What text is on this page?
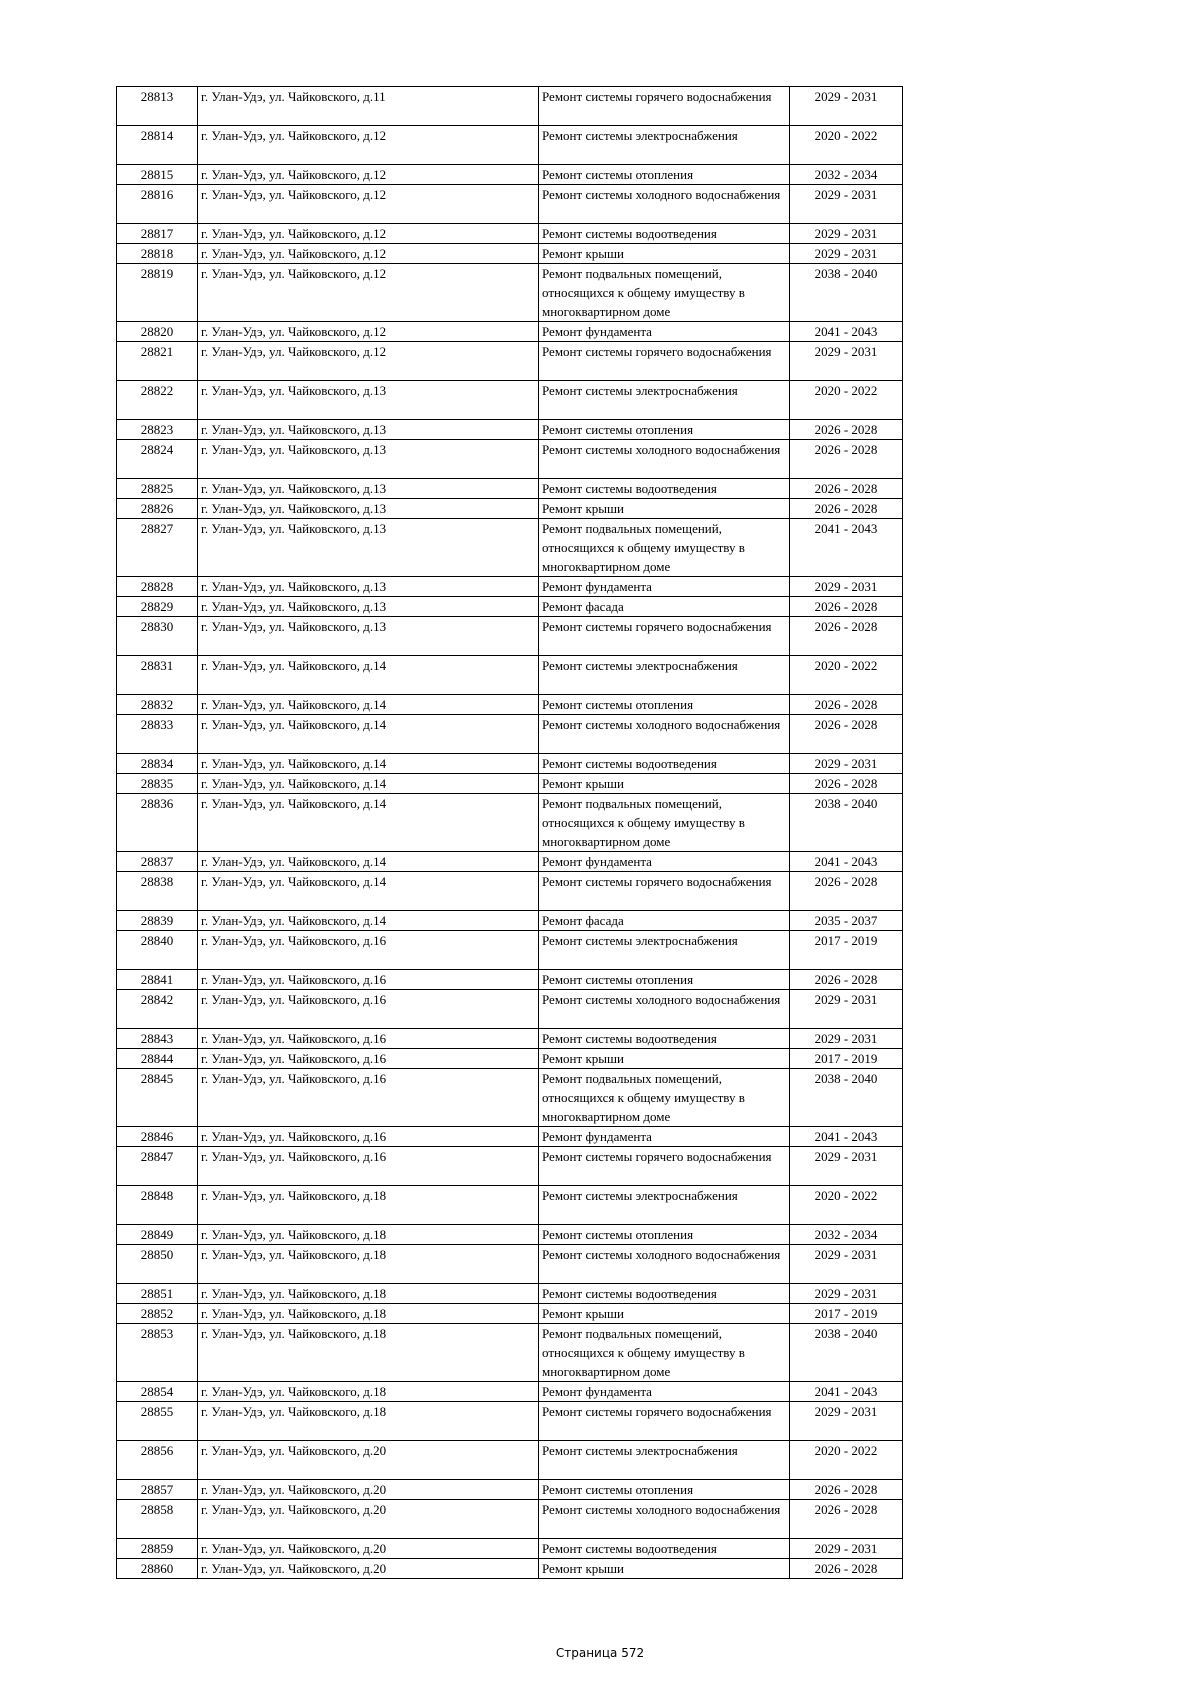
28813	г. Улан-Удэ, ул. Чайковского, д.11	Ремонт системы горячего водоснабжения	2029 - 2031
28814	г. Улан-Удэ, ул. Чайковского, д.12	Ремонт системы электроснабжения	2020 - 2022
28815	г. Улан-Удэ, ул. Чайковского, д.12	Ремонт системы отопления	2032 - 2034
28816	г. Улан-Удэ, ул. Чайковского, д.12	Ремонт системы холодного водоснабжения	2029 - 2031
28817	г. Улан-Удэ, ул. Чайковского, д.12	Ремонт системы водоотведения	2029 - 2031
28818	г. Улан-Удэ, ул. Чайковского, д.12	Ремонт крыши	2029 - 2031
28819	г. Улан-Удэ, ул. Чайковского, д.12	Ремонт подвальных помещений, относящихся к общему имуществу в многоквартирном доме	2038 - 2040
28820	г. Улан-Удэ, ул. Чайковского, д.12	Ремонт фундамента	2041 - 2043
28821	г. Улан-Удэ, ул. Чайковского, д.12	Ремонт системы горячего водоснабжения	2029 - 2031
28822	г. Улан-Удэ, ул. Чайковского, д.13	Ремонт системы электроснабжения	2020 - 2022
28823	г. Улан-Удэ, ул. Чайковского, д.13	Ремонт системы отопления	2026 - 2028
28824	г. Улан-Удэ, ул. Чайковского, д.13	Ремонт системы холодного водоснабжения	2026 - 2028
28825	г. Улан-Удэ, ул. Чайковского, д.13	Ремонт системы водоотведения	2026 - 2028
28826	г. Улан-Удэ, ул. Чайковского, д.13	Ремонт крыши	2026 - 2028
28827	г. Улан-Удэ, ул. Чайковского, д.13	Ремонт подвальных помещений, относящихся к общему имуществу в многоквартирном доме	2041 - 2043
28828	г. Улан-Удэ, ул. Чайковского, д.13	Ремонт фундамента	2029 - 2031
28829	г. Улан-Удэ, ул. Чайковского, д.13	Ремонт фасада	2026 - 2028
28830	г. Улан-Удэ, ул. Чайковского, д.13	Ремонт системы горячего водоснабжения	2026 - 2028
28831	г. Улан-Удэ, ул. Чайковского, д.14	Ремонт системы электроснабжения	2020 - 2022
28832	г. Улан-Удэ, ул. Чайковского, д.14	Ремонт системы отопления	2026 - 2028
28833	г. Улан-Удэ, ул. Чайковского, д.14	Ремонт системы холодного водоснабжения	2026 - 2028
28834	г. Улан-Удэ, ул. Чайковского, д.14	Ремонт системы водоотведения	2029 - 2031
28835	г. Улан-Удэ, ул. Чайковского, д.14	Ремонт крыши	2026 - 2028
28836	г. Улан-Удэ, ул. Чайковского, д.14	Ремонт подвальных помещений, относящихся к общему имуществу в многоквартирном доме	2038 - 2040
28837	г. Улан-Удэ, ул. Чайковского, д.14	Ремонт фундамента	2041 - 2043
28838	г. Улан-Удэ, ул. Чайковского, д.14	Ремонт системы горячего водоснабжения	2026 - 2028
28839	г. Улан-Удэ, ул. Чайковского, д.14	Ремонт фасада	2035 - 2037
28840	г. Улан-Удэ, ул. Чайковского, д.16	Ремонт системы электроснабжения	2017 - 2019
28841	г. Улан-Удэ, ул. Чайковского, д.16	Ремонт системы отопления	2026 - 2028
28842	г. Улан-Удэ, ул. Чайковского, д.16	Ремонт системы холодного водоснабжения	2029 - 2031
28843	г. Улан-Удэ, ул. Чайковского, д.16	Ремонт системы водоотведения	2029 - 2031
28844	г. Улан-Удэ, ул. Чайковского, д.16	Ремонт крыши	2017 - 2019
28845	г. Улан-Удэ, ул. Чайковского, д.16	Ремонт подвальных помещений, относящихся к общему имуществу в многоквартирном доме	2038 - 2040
28846	г. Улан-Удэ, ул. Чайковского, д.16	Ремонт фундамента	2041 - 2043
28847	г. Улан-Удэ, ул. Чайковского, д.16	Ремонт системы горячего водоснабжения	2029 - 2031
28848	г. Улан-Удэ, ул. Чайковского, д.18	Ремонт системы электроснабжения	2020 - 2022
28849	г. Улан-Удэ, ул. Чайковского, д.18	Ремонт системы отопления	2032 - 2034
28850	г. Улан-Удэ, ул. Чайковского, д.18	Ремонт системы холодного водоснабжения	2029 - 2031
28851	г. Улан-Удэ, ул. Чайковского, д.18	Ремонт системы водоотведения	2029 - 2031
28852	г. Улан-Удэ, ул. Чайковского, д.18	Ремонт крыши	2017 - 2019
28853	г. Улан-Удэ, ул. Чайковского, д.18	Ремонт подвальных помещений, относящихся к общему имуществу в многоквартирном доме	2038 - 2040
28854	г. Улан-Удэ, ул. Чайковского, д.18	Ремонт фундамента	2041 - 2043
28855	г. Улан-Удэ, ул. Чайковского, д.18	Ремонт системы горячего водоснабжения	2029 - 2031
28856	г. Улан-Удэ, ул. Чайковского, д.20	Ремонт системы электроснабжения	2020 - 2022
28857	г. Улан-Удэ, ул. Чайковского, д.20	Ремонт системы отопления	2026 - 2028
28858	г. Улан-Удэ, ул. Чайковского, д.20	Ремонт системы холодного водоснабжения	2026 - 2028
28859	г. Улан-Удэ, ул. Чайковского, д.20	Ремонт системы водоотведения	2029 - 2031
28860	г. Улан-Удэ, ул. Чайковского, д.20	Ремонт крыши	2026 - 2028
Страница 572
